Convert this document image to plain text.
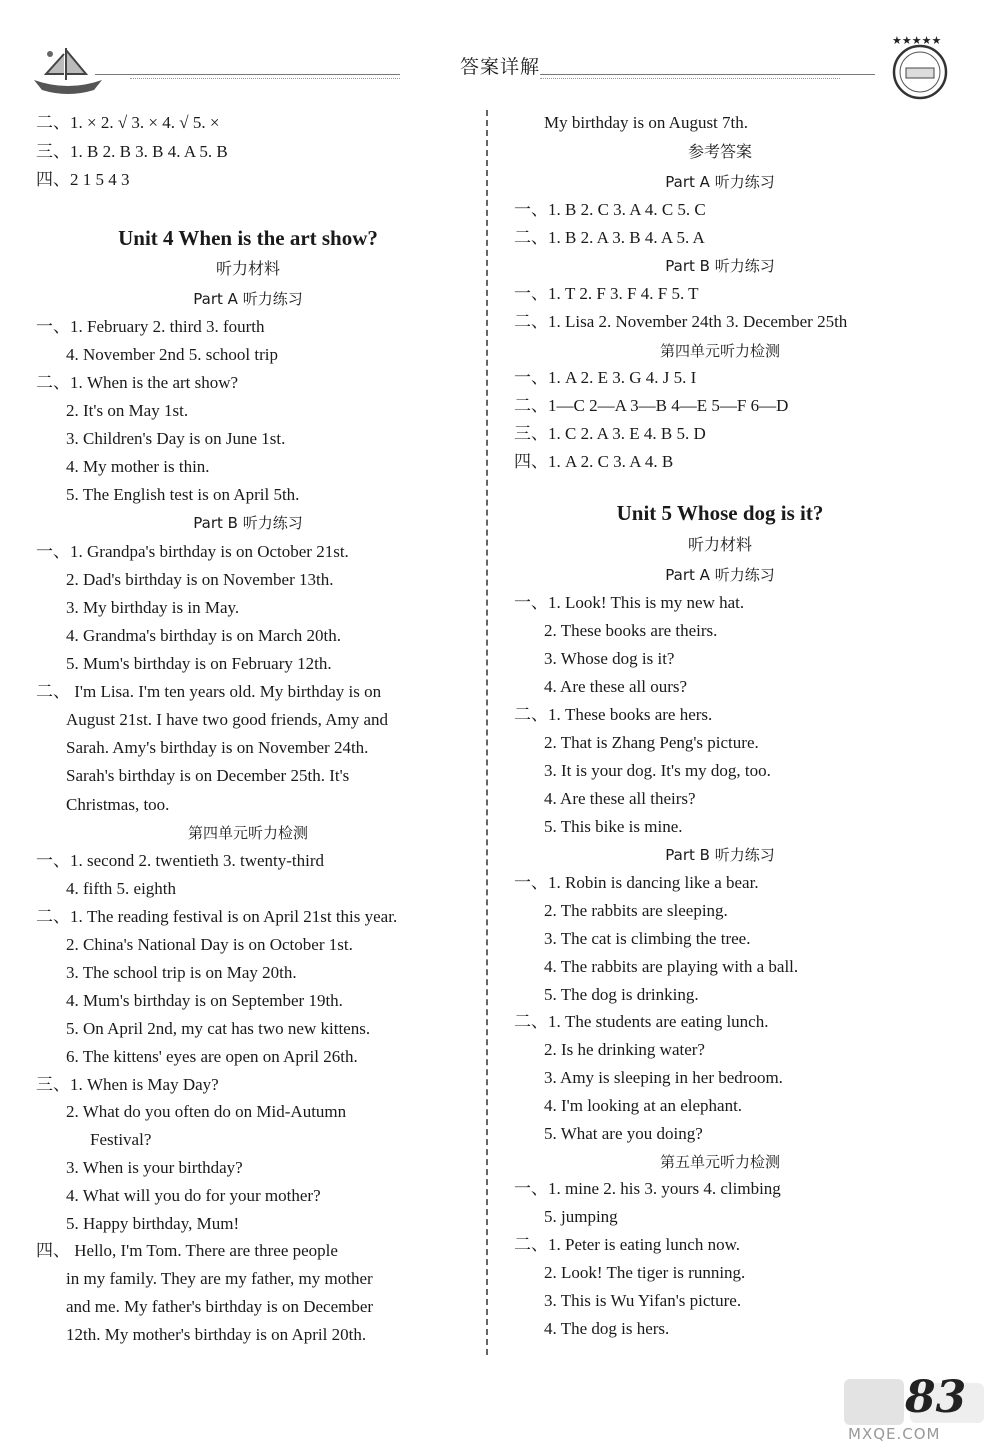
答案详解
★★★★★
二、1. × 2. √ 3. × 4. √ 5. ×
三、1. B 2. B 3. B 4. A 5. B
四、2 1 5 4 3
Unit 4 When is the art show?
听力材料
Part A 听力练习
一、1. February 2. third 3. fourth
4. November 2nd 5. school trip
二、1. When is the art show?
2. It's on May 1st.
3. Children's Day is on June 1st.
4. My mother is thin.
5. The English test is on April 5th.
Part B 听力练习
一、1. Grandpa's birthday is on October 21st.
2. Dad's birthday is on November 13th.
3. My birthday is in May.
4. Grandma's birthday is on March 20th.
5. Mum's birthday is on February 12th.
二、 I'm Lisa. I'm ten years old. My birthday is on
August 21st. I have two good friends, Amy and
Sarah. Amy's birthday is on November 24th.
Sarah's birthday is on December 25th. It's
Christmas, too.
第四单元听力检测
一、1. second 2. twentieth 3. twenty-third
4. fifth 5. eighth
二、1. The reading festival is on April 21st this year.
2. China's National Day is on October 1st.
3. The school trip is on May 20th.
4. Mum's birthday is on September 19th.
5. On April 2nd, my cat has two new kittens.
6. The kittens' eyes are open on April 26th.
三、1. When is May Day?
2. What do you often do on Mid-Autumn
Festival?
3. When is your birthday?
4. What will you do for your mother?
5. Happy birthday, Mum!
四、 Hello, I'm Tom. There are three people
in my family. They are my father, my mother
and me. My father's birthday is on December
12th. My mother's birthday is on April 20th.
My birthday is on August 7th.
参考答案
Part A 听力练习
一、1. B 2. C 3. A 4. C 5. C
二、1. B 2. A 3. B 4. A 5. A
Part B 听力练习
一、1. T 2. F 3. F 4. F 5. T
二、1. Lisa 2. November 24th 3. December 25th
第四单元听力检测
一、1. A 2. E 3. G 4. J 5. I
二、1—C 2—A 3—B 4—E 5—F 6—D
三、1. C 2. A 3. E 4. B 5. D
四、1. A 2. C 3. A 4. B
Unit 5 Whose dog is it?
听力材料
Part A 听力练习
一、1. Look! This is my new hat.
2. These books are theirs.
3. Whose dog is it?
4. Are these all ours?
二、1. These books are hers.
2. That is Zhang Peng's picture.
3. It is your dog. It's my dog, too.
4. Are these all theirs?
5. This bike is mine.
Part B 听力练习
一、1. Robin is dancing like a bear.
2. The rabbits are sleeping.
3. The cat is climbing the tree.
4. The rabbits are playing with a ball.
5. The dog is drinking.
二、1. The students are eating lunch.
2. Is he drinking water?
3. Amy is sleeping in her bedroom.
4. I'm looking at an elephant.
5. What are you doing?
第五单元听力检测
一、1. mine 2. his 3. yours 4. climbing
5. jumping
二、1. Peter is eating lunch now.
2. Look! The tiger is running.
3. This is Wu Yifan's picture.
4. The dog is hers.
83
MXQE.COM
